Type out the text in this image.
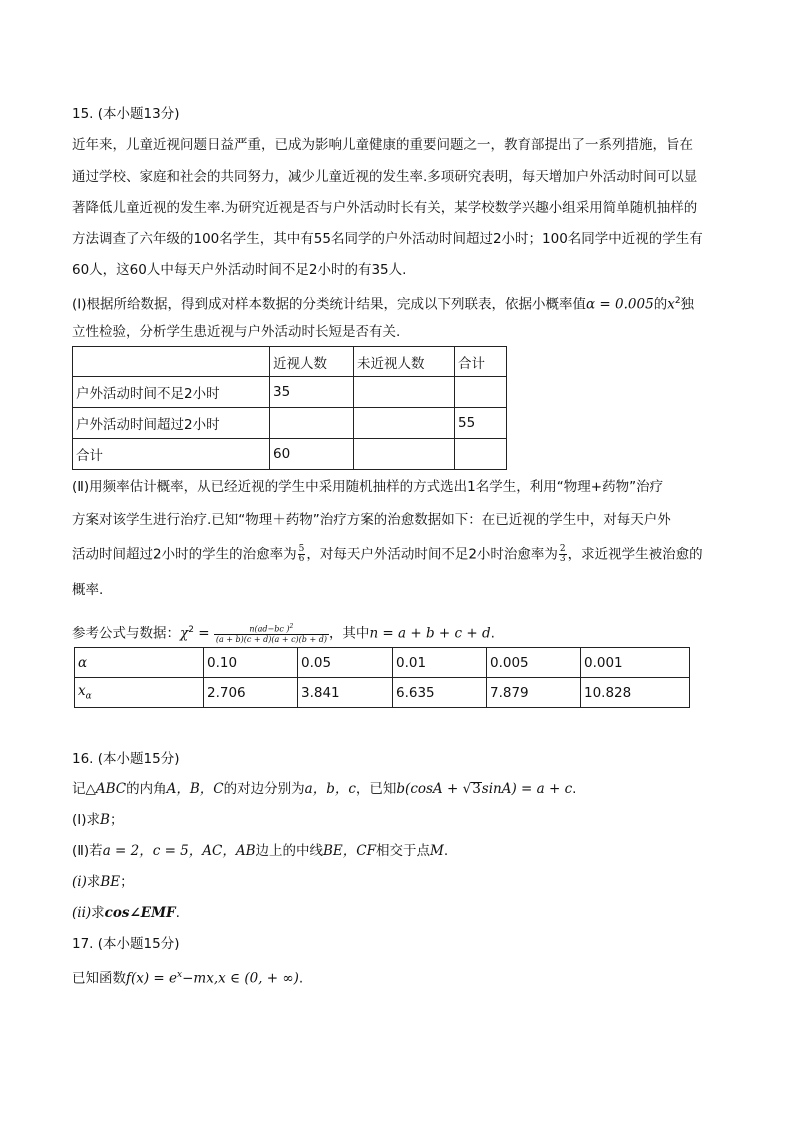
15. (本小题13分)
近年来，儿童近视问题日益严重，已成为影响儿童健康的重要问题之一，教育部提出了一系列措施，旨在
通过学校、家庭和社会的共同努力，减少儿童近视的发生率.多项研究表明，每天增加户外活动时间可以显
著降低儿童近视的发生率.为研究近视是否与户外活动时长有关，某学校数学兴趣小组采用简单随机抽样的
方法调查了六年级的100名学生，其中有55名同学的户外活动时间超过2小时；100名同学中近视的学生有
60人，这60人中每天户外活动时间不足2小时的有35人.
(Ⅰ)根据所给数据，得到成对样本数据的分类统计结果，完成以下列联表，依据小概率值α = 0.005的$x^2$独
立性检验，分析学生患近视与户外活动时长短是否有关.
	近视人数	未近视人数	合计
户外活动时间不足2小时	35		
户外活动时间超过2小时			55
合计	60		
(Ⅱ)用频率估计概率，从已经近视的学生中采用随机抽样的方式选出1名学生，利用“物理+药物”治疗
方案对该学生进行治疗.已知“物理＋药物”治疗方案的治愈数据如下：在已近视的学生中，对每天户外
活动时间超过2小时的学生的治愈率为 $\frac{5}{6}$ ，对每天户外活动时间不足2小时治愈率为 $\frac{2}{3}$ ，求近视学生被治愈的
概率.
参考公式与数据：$\chi^2 = \frac{n(ad-bc )^2}{(a + b)(c + d)(a + c)(b + d)}$ ，其中n = a + b + c + d.
α	0.10	0.05	0.01	0.005	0.001
$x_\alpha$	2.706	3.841	6.635	7.879	10.828
16. (本小题15分)
记△ABC的内角A，B，C的对边分别为a，b，c，已知b(cosA + √3sinA) = a + c.
(Ⅰ)求B；
(Ⅱ)若a = 2，c = 5，AC，AB边上的中线BE，CF相交于点M.
(i)求BE；
(ii)求cos∠EMF.
17. (本小题15分)
已知函数$f(x) = e^x-mx,x$ ∈ (0, + ∞).
